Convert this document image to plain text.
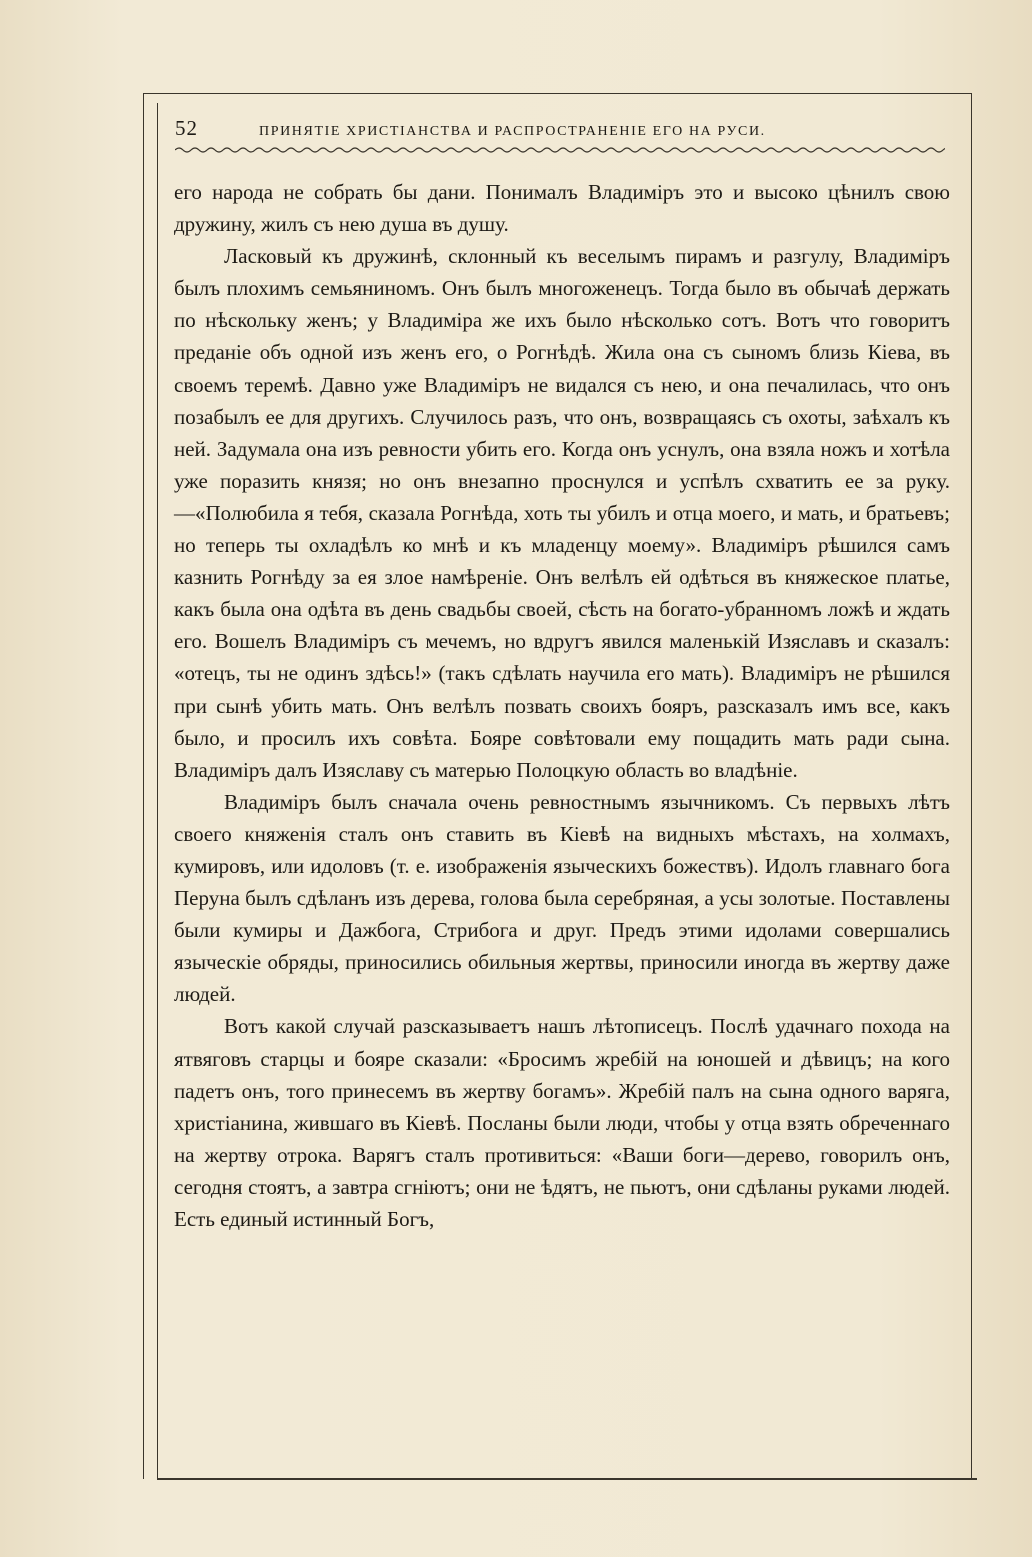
52	ПРИНЯТІЕ ХРИСТІАНСТВА И РАСПРОСТРАНЕНІЕ ЕГО НА РУСИ.

его народа не собрать бы дани. Понималъ Владиміръ это и высоко цѣнилъ свою дружину, жилъ съ нею душа въ душу.

Ласковый къ дружинѣ, склонный къ веселымъ пирамъ и разгулу, Владиміръ былъ плохимъ семьяниномъ. Онъ былъ многоженецъ. Тогда было въ обычаѣ держать по нѣскольку женъ; у Владиміра же ихъ было нѣсколько сотъ. Вотъ что говоритъ преданіе объ одной изъ женъ его, о Рогнѣдѣ. Жила она съ сыномъ близь Кіева, въ своемъ теремѣ. Давно уже Владиміръ не видался съ нею, и она печалилась, что онъ позабылъ ее для другихъ. Случилось разъ, что онъ, возвращаясь съ охоты, заѣхалъ къ ней. Задумала она изъ ревности убить его. Когда онъ уснулъ, она взяла ножъ и хотѣла уже поразить князя; но онъ внезапно проснулся и успѣлъ схватить ее за руку.—«Полюбила я тебя, сказала Рогнѣда, хоть ты убилъ и отца моего, и мать, и братьевъ; но теперь ты охладѣлъ ко мнѣ и къ младенцу моему». Владиміръ рѣшился самъ казнить Рогнѣду за ея злое намѣреніе. Онъ велѣлъ ей одѣться въ княжеское платье, какъ была она одѣта въ день свадьбы своей, сѣсть на богато-убранномъ ложѣ и ждать его. Вошелъ Владиміръ съ мечемъ, но вдругъ явился маленькій Изяславъ и сказалъ: «отецъ, ты не одинъ здѣсь!» (такъ сдѣлать научила его мать). Владиміръ не рѣшился при сынѣ убить мать. Онъ велѣлъ позвать своихъ бояръ, разсказалъ имъ все, какъ было, и просилъ ихъ совѣта. Бояре совѣтовали ему пощадить мать ради сына. Владиміръ далъ Изяславу съ матерью Полоцкую область во владѣніе.

Владиміръ былъ сначала очень ревностнымъ язычникомъ. Съ первыхъ лѣтъ своего княженія сталъ онъ ставить въ Кіевѣ на видныхъ мѣстахъ, на холмахъ, кумировъ, или идоловъ (т. е. изображенія языческихъ божествъ). Идолъ главнаго бога Перуна былъ сдѣланъ изъ дерева, голова была серебряная, а усы золотые. Поставлены были кумиры и Дажбога, Стрибога и друг. Предъ этими идолами совершались языческіе обряды, приносились обильныя жертвы, приносили иногда въ жертву даже людей.

Вотъ какой случай разсказываетъ нашъ лѣтописецъ. Послѣ удачнаго похода на ятвяговъ старцы и бояре сказали: «Бросимъ жребій на юношей и дѣвицъ; на кого падетъ онъ, того принесемъ въ жертву богамъ». Жребій палъ на сына одного варяга, христіанина, жившаго въ Кіевѣ. Посланы были люди, чтобы у отца взять обреченнаго на жертву отрока. Варягъ сталъ противиться: «Ваши боги—дерево, говорилъ онъ, сегодня стоятъ, а завтра сгніютъ; они не ѣдятъ, не пьютъ, они сдѣланы руками людей. Есть единый истинный Богъ,
